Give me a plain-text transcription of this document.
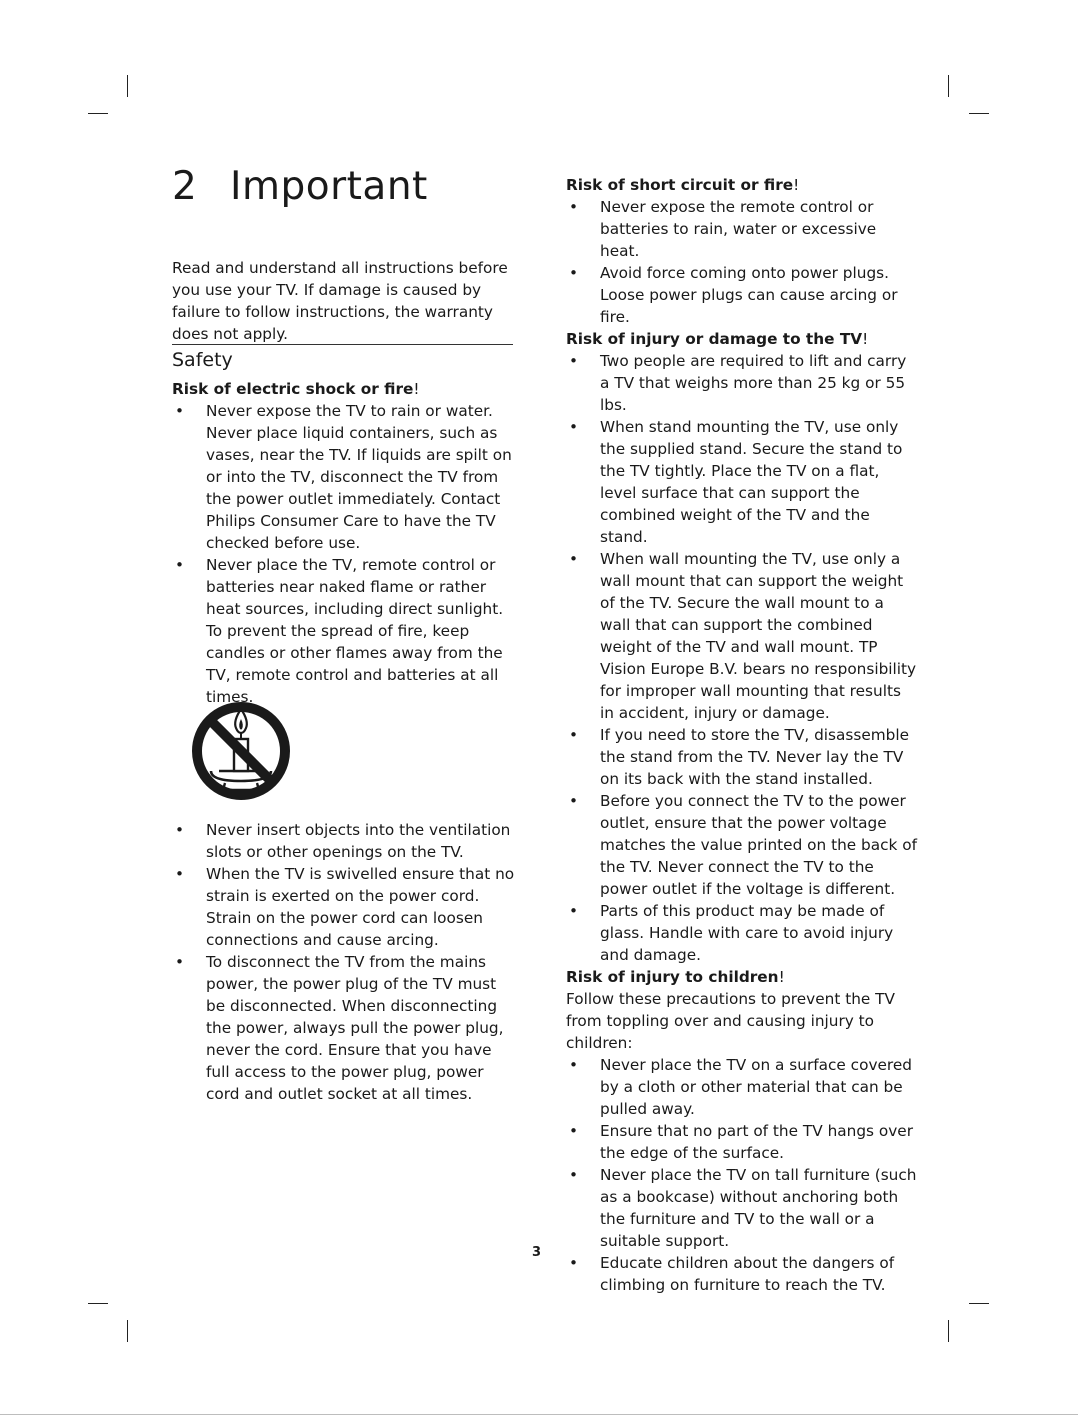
2 Important

Read and understand all instructions before you use your TV. If damage is caused by failure to follow instructions, the warranty does not apply.

Safety
Risk of electric shock or fire!

• Never expose the TV to rain or water. Never place liquid containers, such as vases, near the TV. If liquids are spilt on or into the TV, disconnect the TV from the power outlet immediately. Contact Philips Consumer Care to have the TV checked before use.

• Never place the TV, remote control or batteries near naked flame or rather heat sources, including direct sunlight.

To prevent the spread of fire, keep candles or other flames away from the TV, remote control and batteries at all times.

• Never insert objects into the ventilation slots or other openings on the TV.

• When the TV is swivelled ensure that no strain is exerted on the power cord. Strain on the power cord can loosen connections and cause arcing.

• To disconnect the TV from the mains power, the power plug of the TV must be disconnected. When disconnecting the power, always pull the power plug, never the cord. Ensure that you have full access to the power plug, power cord and outlet socket at all times.

Risk of short circuit or fire!

• Never expose the remote control or batteries to rain, water or excessive heat.

• Avoid force coming onto power plugs. Loose power plugs can cause arcing or fire.

Risk of injury or damage to the TV!

• Two people are required to lift and carry a TV that weighs more than 25 kg or 55 lbs.

• When stand mounting the TV, use only the supplied stand. Secure the stand to the TV tightly. Place the TV on a flat, level surface that can support the combined weight of the TV and the stand.

• When wall mounting the TV, use only a wall mount that can support the weight of the TV. Secure the wall mount to a wall that can support the combined weight of the TV and wall mount. TP Vision Europe B.V. bears no responsibility for improper wall mounting that results in accident, injury or damage.

• If you need to store the TV, disassemble the stand from the TV. Never lay the TV on its back with the stand installed.

• Before you connect the TV to the power outlet, ensure that the power voltage matches the value printed on the back of the TV. Never connect the TV to the power outlet if the voltage is different.

• Parts of this product may be made of glass. Handle with care to avoid injury and damage.

Risk of injury to children!

Follow these precautions to prevent the TV from toppling over and causing injury to children:

• Never place the TV on a surface covered by a cloth or other material that can be pulled away.

• Ensure that no part of the TV hangs over the edge of the surface.

• Never place the TV on tall furniture (such as a bookcase) without anchoring both the furniture and TV to the wall or a suitable support.

• Educate children about the dangers of climbing on furniture to reach the TV.

3
